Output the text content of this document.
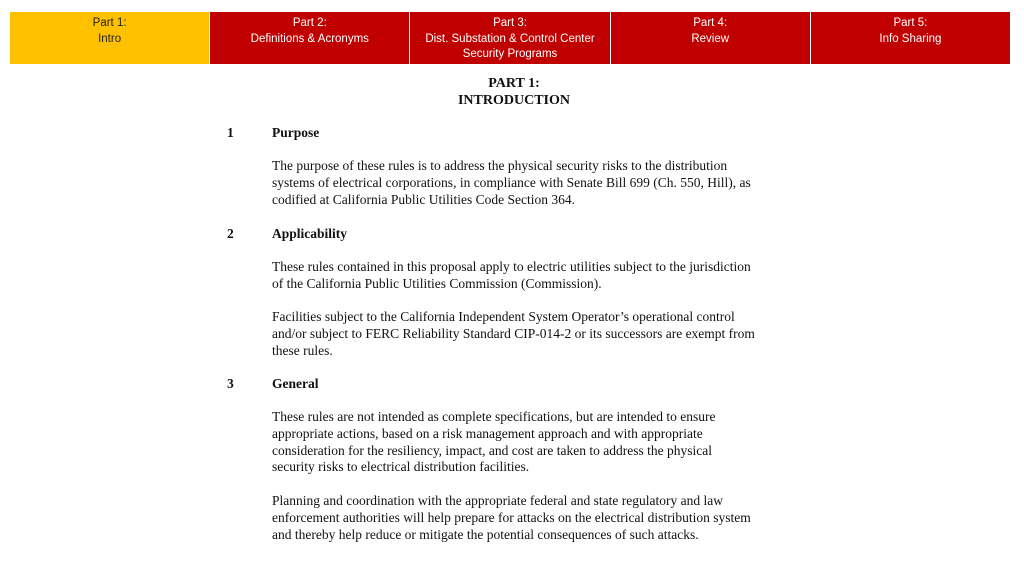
Part 1:
Intro
Part 2:
Definitions & Acronyms
Part 3:
Dist. Substation & Control Center
Security Programs
Part 4:
Review
Part 5:
Info Sharing
PART 1:
INTRODUCTION
1	Purpose
The purpose of these rules is to address the physical security risks to the distribution
systems of electrical corporations, in compliance with Senate Bill 699 (Ch. 550, Hill), as
codified at California Public Utilities Code Section 364.
2	Applicability
These rules contained in this proposal apply to electric utilities subject to the jurisdiction
of the California Public Utilities Commission (Commission).
Facilities subject to the California Independent System Operator’s operational control
and/or subject to FERC Reliability Standard CIP-014-2 or its successors are exempt from
these rules.
3	General
These rules are not intended as complete specifications, but are intended to ensure
appropriate actions, based on a risk management approach and with appropriate
consideration for the resiliency, impact, and cost are taken to address the physical
security risks to electrical distribution facilities.
Planning and coordination with the appropriate federal and state regulatory and law
enforcement authorities will help prepare for attacks on the electrical distribution system
and thereby help reduce or mitigate the potential consequences of such attacks.
